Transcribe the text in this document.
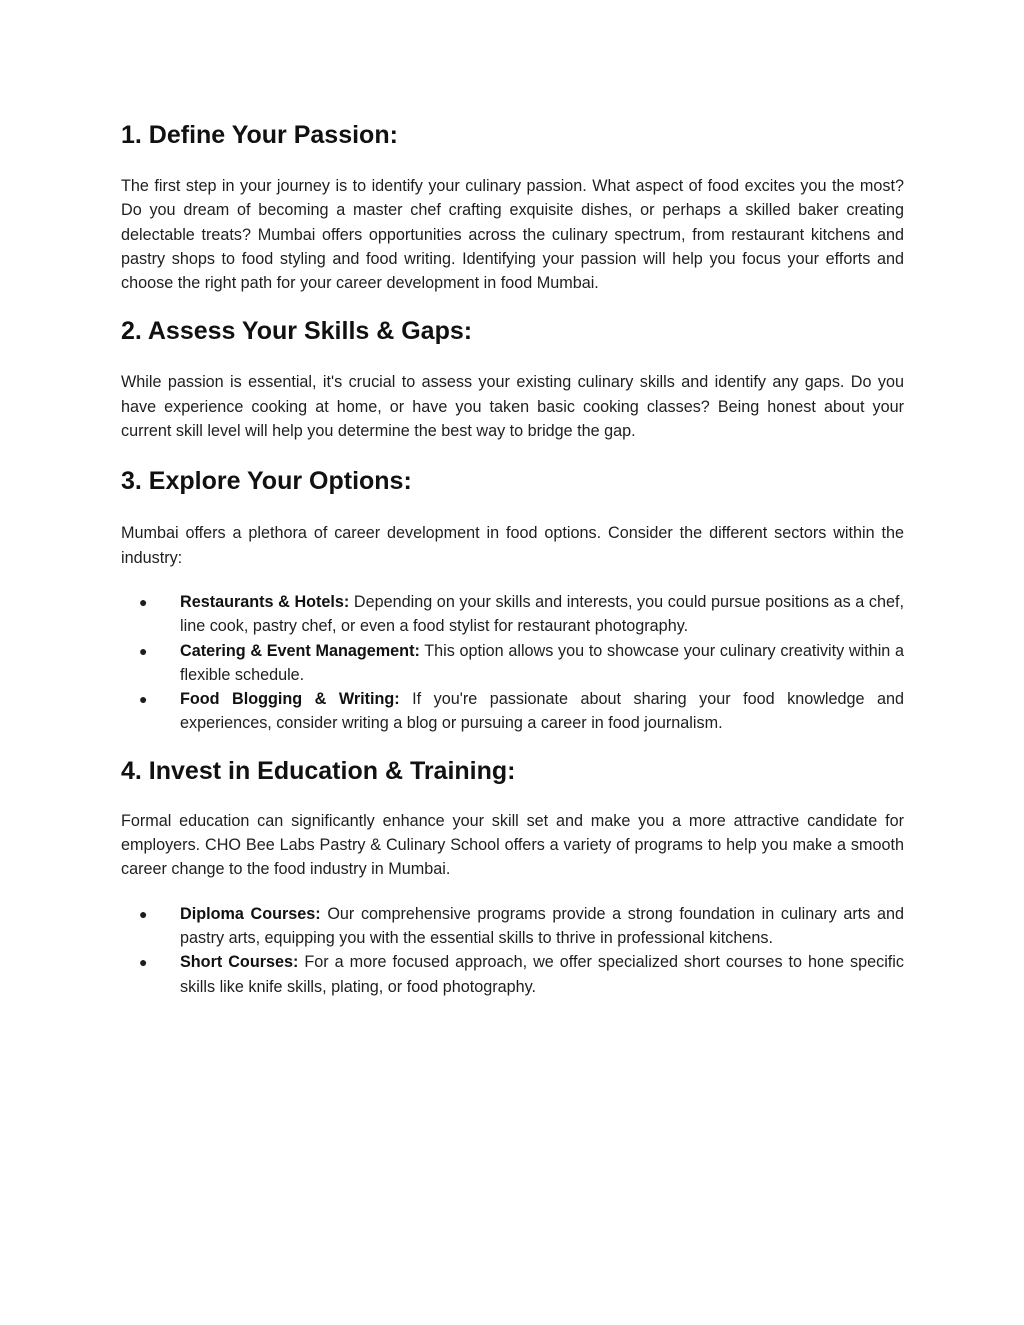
1. Define Your Passion:

The first step in your journey is to identify your culinary passion. What aspect of food excites you the most? Do you dream of becoming a master chef crafting exquisite dishes, or perhaps a skilled baker creating delectable treats? Mumbai offers opportunities across the culinary spectrum, from restaurant kitchens and pastry shops to food styling and food writing. Identifying your passion will help you focus your efforts and choose the right path for your career development in food Mumbai.

2. Assess Your Skills & Gaps:

While passion is essential, it's crucial to assess your existing culinary skills and identify any gaps. Do you have experience cooking at home, or have you taken basic cooking classes? Being honest about your current skill level will help you determine the best way to bridge the gap.

3. Explore Your Options:

Mumbai offers a plethora of career development in food options. Consider the different sectors within the industry:

● Restaurants & Hotels: Depending on your skills and interests, you could pursue positions as a chef, line cook, pastry chef, or even a food stylist for restaurant photography.
● Catering & Event Management: This option allows you to showcase your culinary creativity within a flexible schedule.
● Food Blogging & Writing: If you're passionate about sharing your food knowledge and experiences, consider writing a blog or pursuing a career in food journalism.
4. Invest in Education & Training:

Formal education can significantly enhance your skill set and make you a more attractive candidate for employers. CHO Bee Labs Pastry & Culinary School offers a variety of programs to help you make a smooth career change to the food industry in Mumbai.

● Diploma Courses: Our comprehensive programs provide a strong foundation in culinary arts and pastry arts, equipping you with the essential skills to thrive in professional kitchens.
● Short Courses: For a more focused approach, we offer specialized short courses to hone specific skills like knife skills, plating, or food photography.
